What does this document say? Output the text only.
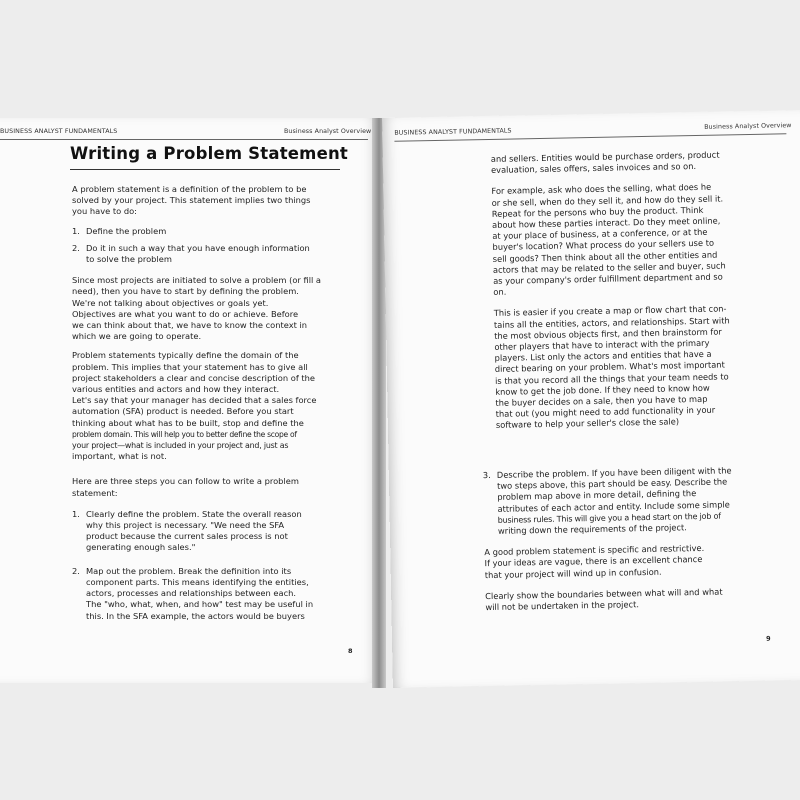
BUSINESS ANALYST FUNDAMENTALS	Business Analyst Overview
Writing a Problem Statement

A problem statement is a definition of the problem to be
solved by your project. This statement implies two things
you have to do:

1. Define the problem
2. Do it in such a way that you have enough information
to solve the problem

Since most projects are initiated to solve a problem (or fill a
need), then you have to start by defining the problem.
We're not talking about objectives or goals yet.
Objectives are what you want to do or achieve. Before
we can think about that, we have to know the context in
which we are going to operate.

Problem statements typically define the domain of the
problem. This implies that your statement has to give all
project stakeholders a clear and concise description of the
various entities and actors and how they interact.
Let's say that your manager has decided that a sales force
automation (SFA) product is needed. Before you start
thinking about what has to be built, stop and define the
problem domain. This will help you to better define the scope of
your project—what is included in your project and, just as
important, what is not.

Here are three steps you can follow to write a problem
statement:

1. Clearly define the problem. State the overall reason
why this project is necessary. "We need the SFA
product because the current sales process is not
generating enough sales."
2. Map out the problem. Break the definition into its
component parts. This means identifying the entities,
actors, processes and relationships between each.
The "who, what, when, and how" test may be useful in
this. In the SFA example, the actors would be buyers
8
BUSINESS ANALYST FUNDAMENTALS
Business Analyst Overview

and sellers. Entities would be purchase orders, product
evaluation, sales offers, sales invoices and so on.

For example, ask who does the selling, what does he
or she sell, when do they sell it, and how do they sell it.
Repeat for the persons who buy the product. Think
about how these parties interact. Do they meet online,
at your place of business, at a conference, or at the
buyer's location? What process do your sellers use to
sell goods? Then think about all the other entities and
actors that may be related to the seller and buyer, such
as your company's order fulfillment department and so
on.

This is easier if you create a map or flow chart that con-
tains all the entities, actors, and relationships. Start with
the most obvious objects first, and then brainstorm for
other players that have to interact with the primary
players. List only the actors and entities that have a
direct bearing on your problem. What's most important
is that you record all the things that your team needs to
know to get the job done. If they need to know how
the buyer decides on a sale, then you have to map
that out (you might need to add functionality in your
software to help your seller's close the sale)

3. Describe the problem. If you have been diligent with the
two steps above, this part should be easy. Describe the
problem map above in more detail, defining the
attributes of each actor and entity. Include some simple
business rules. This will give you a head start on the job of
writing down the requirements of the project.

A good problem statement is specific and restrictive.
If your ideas are vague, there is an excellent chance
that your project will wind up in confusion.

Clearly show the boundaries between what will and what
will not be undertaken in the project.

9
